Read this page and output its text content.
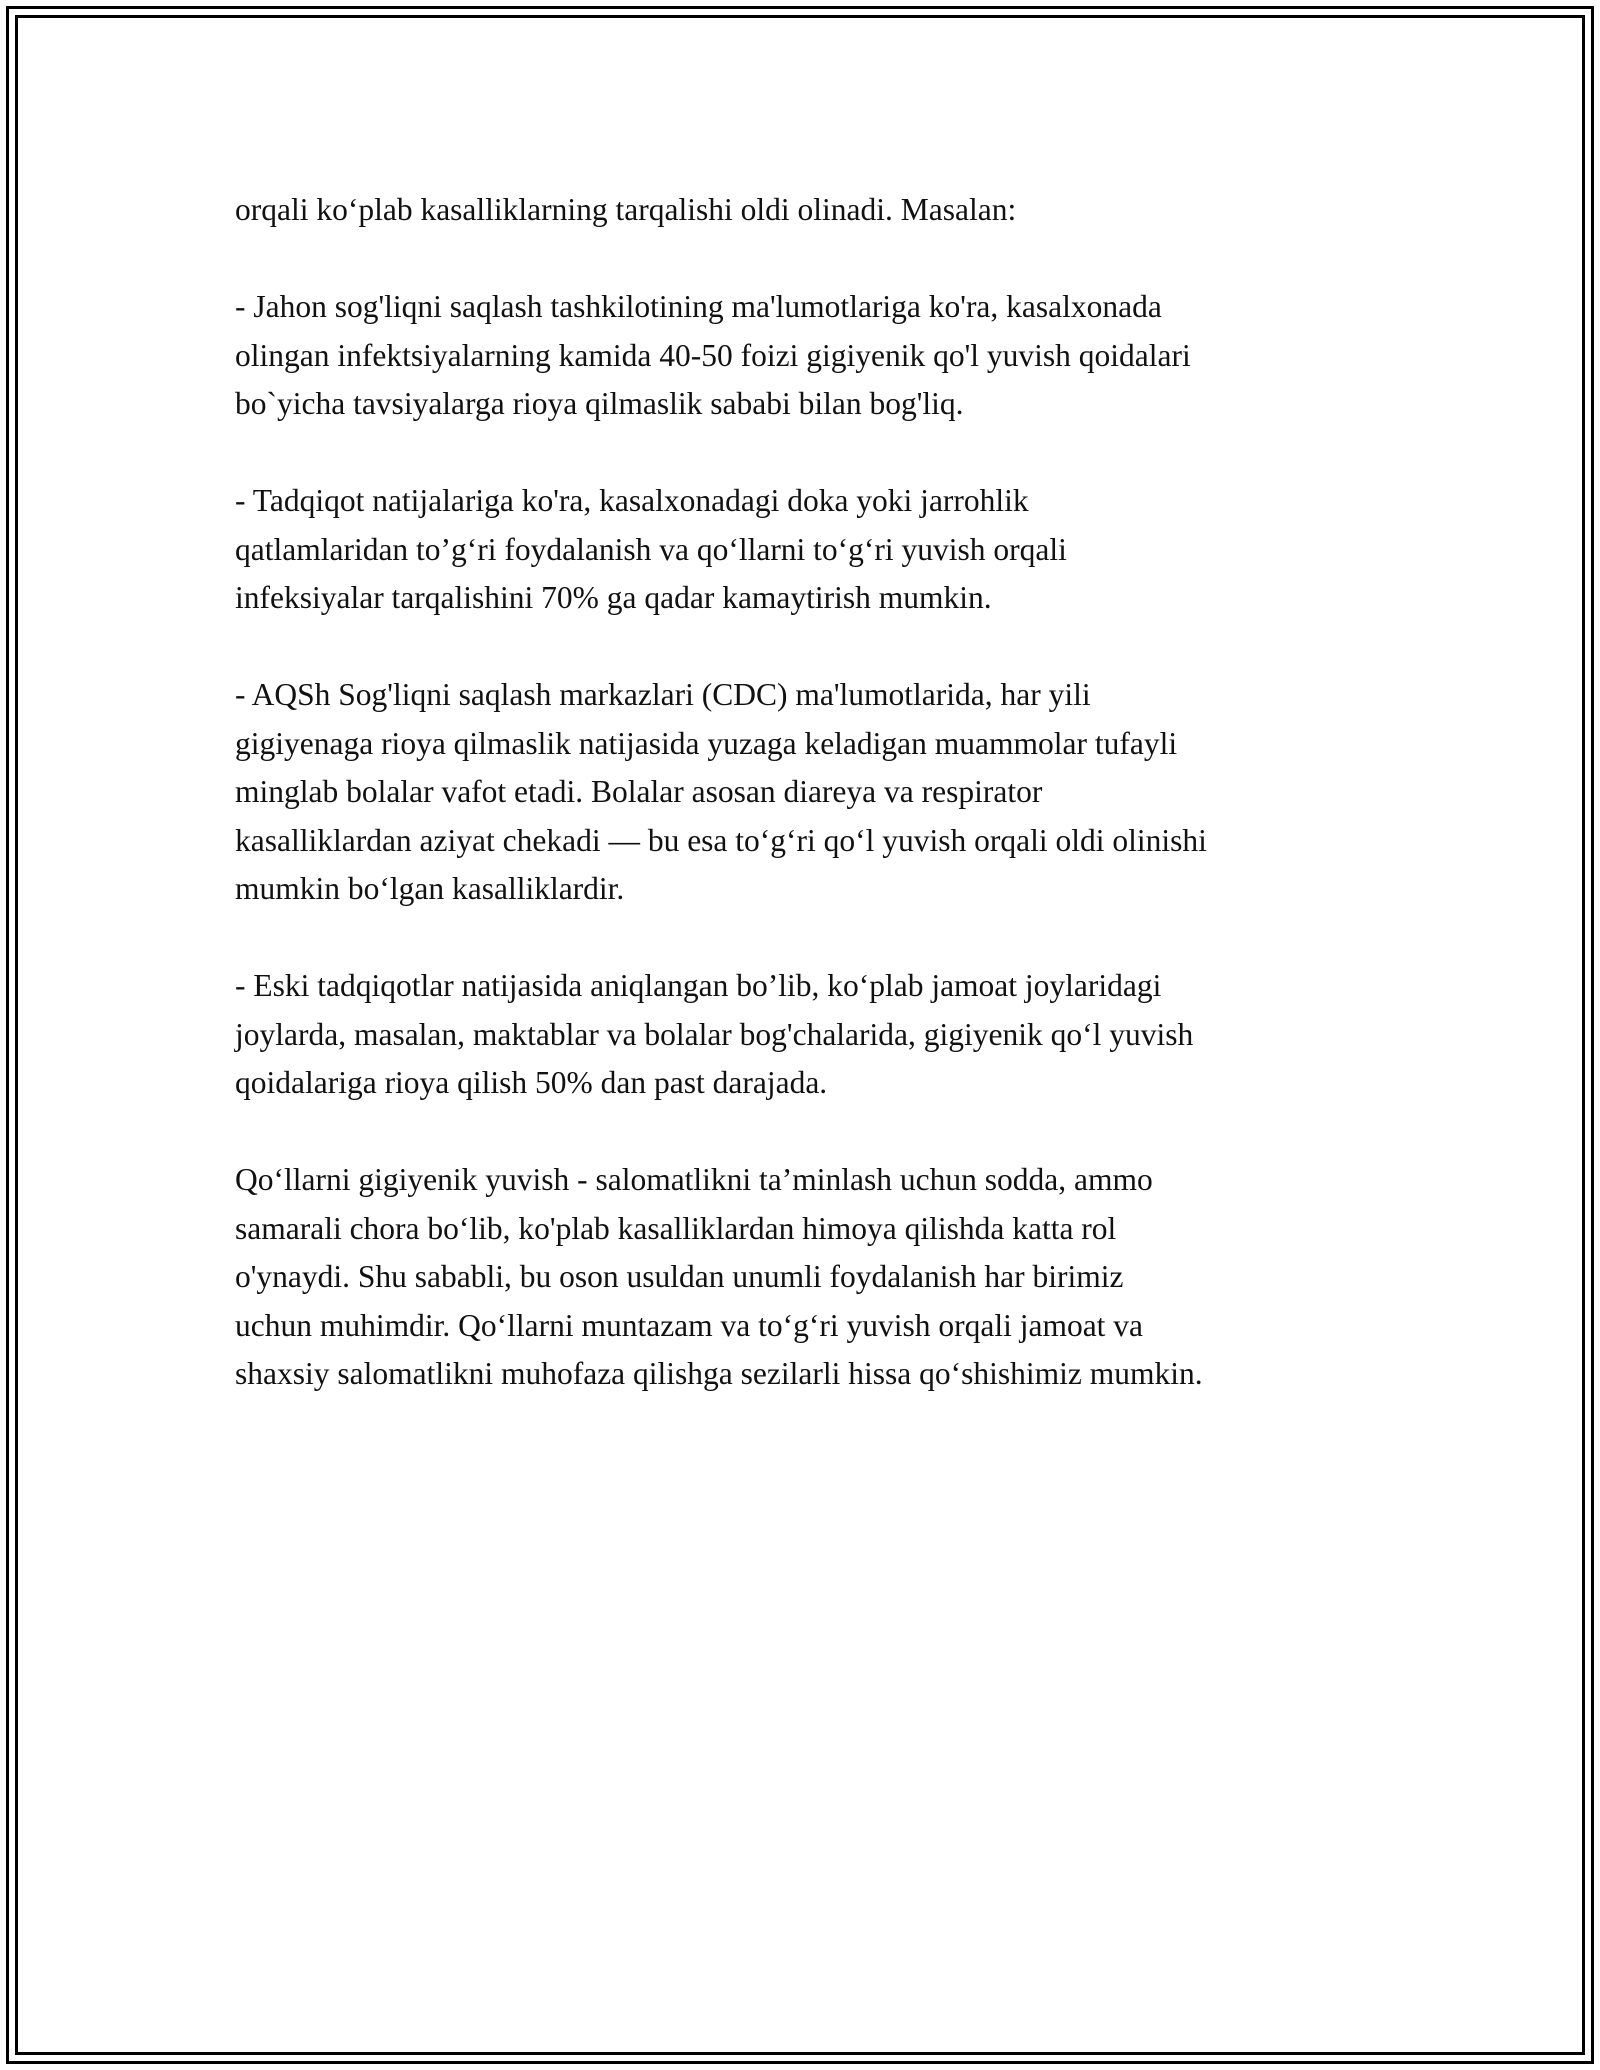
orqali ko‘plab kasalliklarning tarqalishi oldi olinadi. Masalan:

- Jahon sog'liqni saqlash tashkilotining ma'lumotlariga ko'ra, kasalxonada
olingan infektsiyalarning kamida 40-50 foizi gigiyenik qo'l yuvish qoidalari
bo`yicha tavsiyalarga rioya qilmaslik sababi bilan bog'liq.

- Tadqiqot natijalariga ko'ra, kasalxonadagi doka yoki jarrohlik
qatlamlaridan to’g‘ri foydalanish va qo‘llarni to‘g‘ri yuvish orqali
infeksiyalar tarqalishini 70% ga qadar kamaytirish mumkin.

- AQSh Sog'liqni saqlash markazlari (CDC) ma'lumotlarida, har yili
gigiyenaga rioya qilmaslik natijasida yuzaga keladigan muammolar tufayli
minglab bolalar vafot etadi. Bolalar asosan diareya va respirator
kasalliklardan aziyat chekadi — bu esa to‘g‘ri qo‘l yuvish orqali oldi olinishi
mumkin bo‘lgan kasalliklardir.

- Eski tadqiqotlar natijasida aniqlangan bo’lib, ko‘plab jamoat joylaridagi
joylarda, masalan, maktablar va bolalar bog'chalarida, gigiyenik qo‘l yuvish
qoidalariga rioya qilish 50% dan past darajada.

Qo‘llarni gigiyenik yuvish - salomatlikni ta’minlash uchun sodda, ammo
samarali chora bo‘lib, ko'plab kasalliklardan himoya qilishda katta rol
o'ynaydi. Shu sababli, bu oson usuldan unumli foydalanish har birimiz
uchun muhimdir. Qo‘llarni muntazam va to‘g‘ri yuvish orqali jamoat va
shaxsiy salomatlikni muhofaza qilishga sezilarli hissa qo‘shishimiz mumkin.
